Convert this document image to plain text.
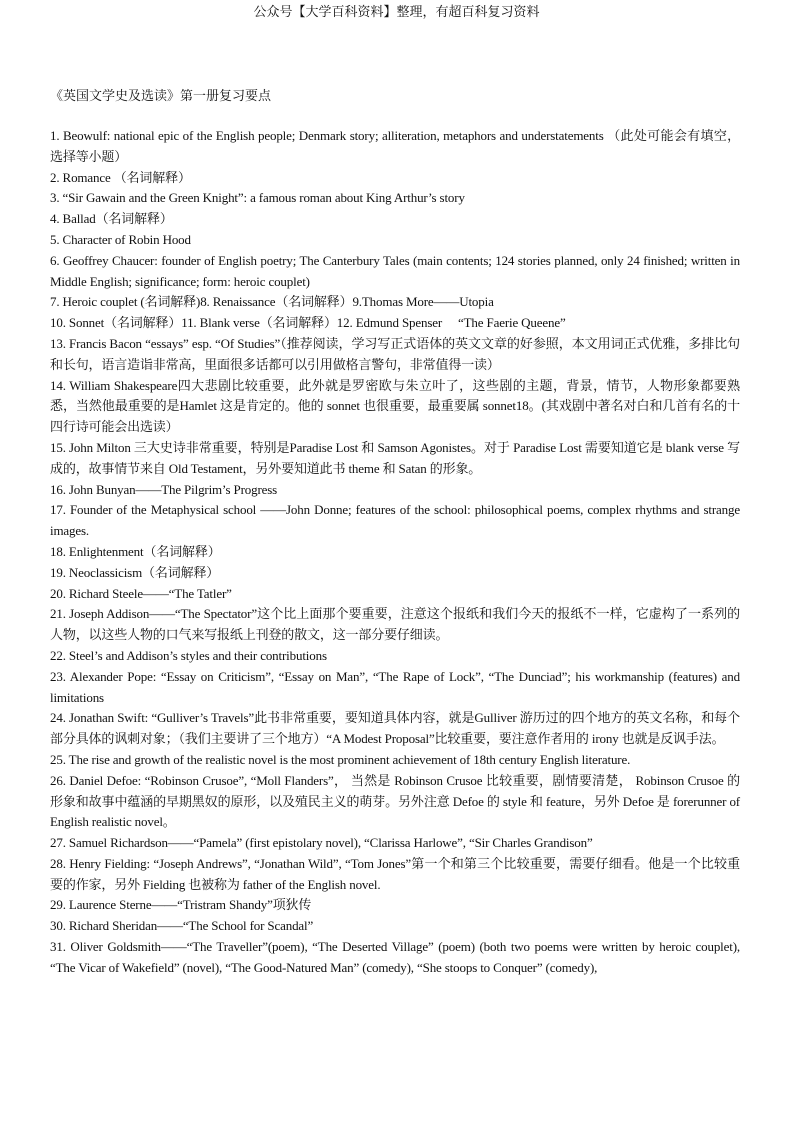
公众号【大学百科资料】整理，有超百科复习资料
《英国文学史及选读》第一册复习要点

1. Beowulf: national epic of the English people; Denmark story; alliteration, metaphors and understatements （此处可能会有填空，选择等小题）

2. Romance （名词解释）

3. “Sir Gawain and the Green Knight”: a famous roman about King Arthur’s story

4. Ballad（名词解释）

5. Character of Robin Hood

6. Geoffrey Chaucer: founder of English poetry; The Canterbury Tales (main contents; 124 stories planned, only 24 finished; written in Middle English; significance; form: heroic couplet)

7. Heroic couplet (名词解释)8. Renaissance（名词解释）9.Thomas More——Utopia

10. Sonnet（名词解释）11. Blank verse（名词解释）12. Edmund Spenser　 “The Faerie Queene”

13. Francis Bacon “essays” esp. “Of Studies”（推荐阅读，学习写正式语体的英文文章的好参照，本文用词正式优雅，多排比句和长句，语言造诣非常高，里面很多话都可以引用做格言警句，非常值得一读）

14. William Shakespeare四大悲剧比较重要，此外就是罗密欧与朱立叶了，这些剧的主题，背景，情节，人物形象都要熟悉，当然他最重要的是Hamlet 这是肯定的。他的 sonnet 也很重要，最重要属 sonnet18。(其戏剧中著名对白和几首有名的十四行诗可能会出选读）

15. John Milton 三大史诗非常重要，特别是Paradise Lost 和 Samson Agonistes。对于 Paradise Lost 需要知道它是 blank verse 写成的，故事情节来自 Old Testament，另外要知道此书 theme 和 Satan 的形象。

16. John Bunyan——The Pilgrim’s Progress

17. Founder of the Metaphysical school ——John Donne; features of the school: philosophical poems, complex rhythms and strange images.

18. Enlightenment（名词解释）

19. Neoclassicism（名词解释）

20. Richard Steele——“The Tatler”

21. Joseph Addison——“The Spectator”这个比上面那个要重要，注意这个报纸和我们今天的报纸不一样，它虚构了一系列的人物，以这些人物的口气来写报纸上刊登的散文，这一部分要仔细读。

22. Steel’s and Addison’s styles and their contributions

23. Alexander Pope: “Essay on Criticism”, “Essay on Man”, “The Rape of Lock”, “The Dunciad”; his workmanship (features) and limitations

24. Jonathan Swift: “Gulliver’s Travels”此书非常重要，要知道具体内容，就是Gulliver 游历过的四个地方的英文名称，和每个部分具体的讽刺对象；（我们主要讲了三个地方）“A Modest Proposal”比较重要，要注意作者用的 irony 也就是反讽手法。

25. The rise and growth of the realistic novel is the most prominent achievement of 18th century English literature.

26. Daniel Defoe: “Robinson Crusoe”, “Moll Flanders”， 当然是 Robinson Crusoe 比较重要，剧情要清楚， Robinson Crusoe 的形象和故事中蕴涵的早期黑奴的原形，以及殖民主义的萌芽。另外注意 Defoe 的 style 和 feature，另外 Defoe 是 forerunner of English realistic novel。

27. Samuel Richardson——“Pamela” (first epistolary novel), “Clarissa Harlowe”, “Sir Charles Grandison”

28. Henry Fielding: “Joseph Andrews”, “Jonathan Wild”, “Tom Jones”第一个和第三个比较重要，需要仔细看。他是一个比较重要的作家，另外 Fielding 也被称为 father of the English novel.

29. Laurence Sterne——“Tristram Shandy”项狄传

30. Richard Sheridan——“The School for Scandal”

31. Oliver Goldsmith——“The Traveller”(poem), “The Deserted Village” (poem) (both two poems were written by heroic couplet), “The Vicar of Wakefield” (novel), “The Good-Natured Man” (comedy), “She stoops to Conquer” (comedy),
